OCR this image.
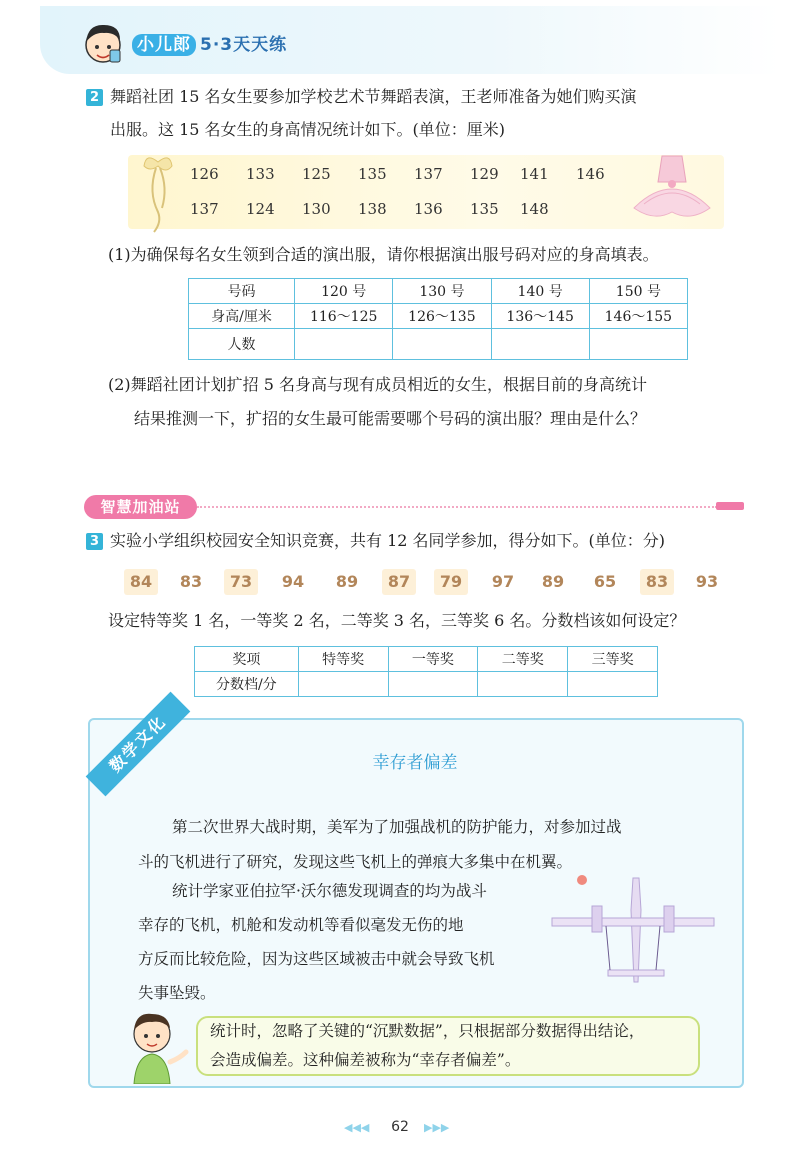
小儿郎 5·3天天练
2 舞蹈社团 15 名女生要参加学校艺术节舞蹈表演，王老师准备为她们购买演
出服。这 15 名女生的身高情况统计如下。(单位：厘米)
126 133 125 135 137 129 141 146
137 124 130 138 136 135 148
(1)为确保每名女生领到合适的演出服，请你根据演出服号码对应的身高填表。
号码	120 号	130 号	140 号	150 号
身高/厘米	116～125	126～135	136～145	146～155
人数				
(2)舞蹈社团计划扩招 5 名身高与现有成员相近的女生，根据目前的身高统计
结果推测一下，扩招的女生最可能需要哪个号码的演出服？理由是什么？
智慧加油站
3 实验小学组织校园安全知识竞赛，共有 12 名同学参加，得分如下。(单位：分)
84	83	73	94	89	87	79	97	89	65	83	93
设定特等奖 1 名，一等奖 2 名，二等奖 3 名，三等奖 6 名。分数档该如何设定？
奖项	特等奖	一等奖	二等奖	三等奖
分数档/分				
数学文化	幸存者偏差
第二次世界大战时期，美军为了加强战机的防护能力，对参加过战
斗的飞机进行了研究，发现这些飞机上的弹痕大多集中在机翼。
统计学家亚伯拉罕·沃尔德发现调查的均为战斗
幸存的飞机，机舱和发动机等看似毫发无伤的地
方反而比较危险，因为这些区域被击中就会导致飞机
失事坠毁。
统计时，忽略了关键的“沉默数据”，只根据部分数据得出结论，
会造成偏差。这种偏差被称为“幸存者偏差”。
◀◀◀	62	▶▶▶
